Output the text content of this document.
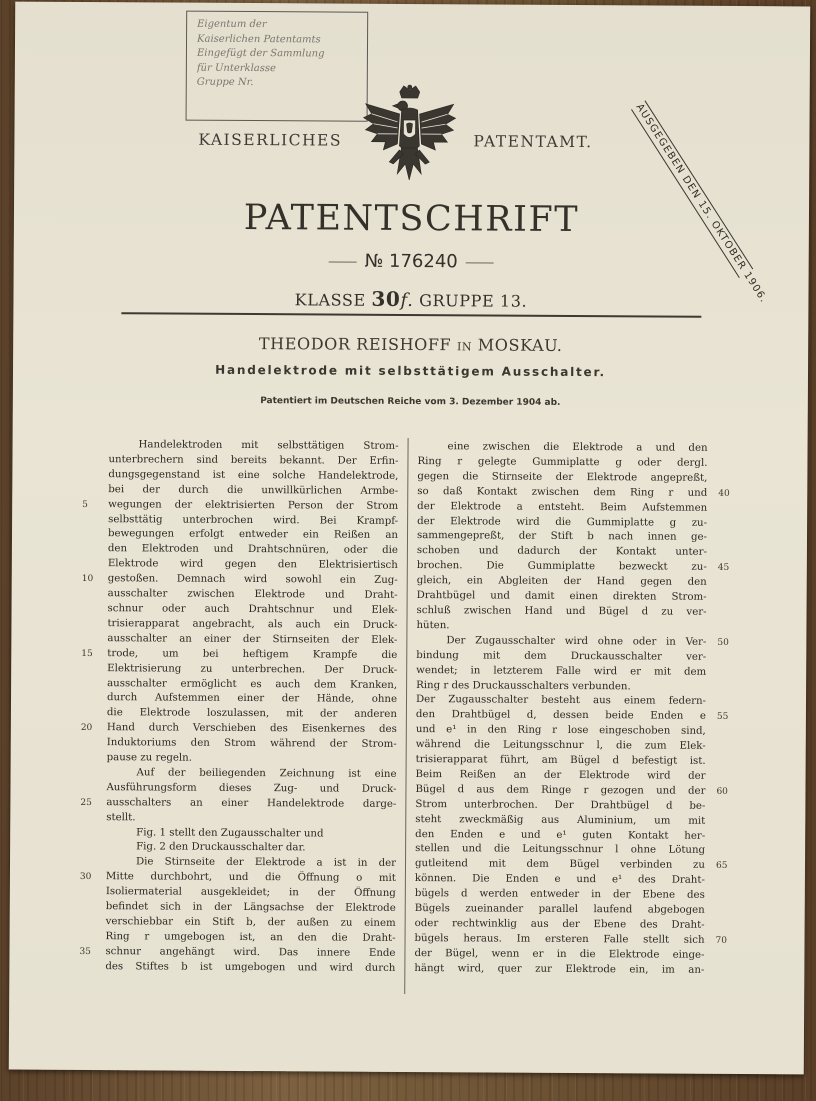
Eigentum der
Kaiserlichen Patentamts
Eingefügt der Sammlung
für Unterklasse
Gruppe Nr.
KAISERLICHES	PATENTAMT.	AUSGEGEBEN DEN 15. OKTOBER 1906.
PATENTSCHRIFT
№ 176240
KLASSE 30f. GRUPPE 13.
THEODOR REISHOFF IN MOSKAU.
Handelektrode mit selbsttätigem Ausschalter.
Patentiert im Deutschen Reiche vom 3. Dezember 1904 ab.
Handelektroden mit selbsttätigen Strom-
unterbrechern sind bereits bekannt. Der Erfin-
dungsgegenstand ist eine solche Handelektrode,
bei der durch die unwillkürlichen Armbe-
wegungen der elektrisierten Person der Strom
selbsttätig unterbrochen wird. Bei Krampf-
bewegungen erfolgt entweder ein Reißen an
den Elektroden und Drahtschnüren, oder die
Elektrode wird gegen den Elektrisiertisch
gestoßen. Demnach wird sowohl ein Zug-
ausschalter zwischen Elektrode und Draht-
schnur oder auch Drahtschnur und Elek-
trisierapparat angebracht, als auch ein Druck-
ausschalter an einer der Stirnseiten der Elek-
trode, um bei heftigem Krampfe die
Elektrisierung zu unterbrechen. Der Druck-
ausschalter ermöglicht es auch dem Kranken,
durch Aufstemmen einer der Hände, ohne
die Elektrode loszulassen, mit der anderen
Hand durch Verschieben des Eisenkernes des
Induktoriums den Strom während der Strom-
pause zu regeln.
Auf der beiliegenden Zeichnung ist eine
Ausführungsform dieses Zug- und Druck-
ausschalters an einer Handelektrode darge-
stellt.
Fig. 1 stellt den Zugausschalter und
Fig. 2 den Druckausschalter dar.
Die Stirnseite der Elektrode a ist in der
Mitte durchbohrt, und die Öffnung o mit
Isoliermaterial ausgekleidet; in der Öffnung
befindet sich in der Längsachse der Elektrode
verschiebbar ein Stift b, der außen zu einem
Ring r umgebogen ist, an den die Draht-
schnur angehängt wird. Das innere Ende
des Stiftes b ist umgebogen und wird durch
eine zwischen die Elektrode a und den
Ring r gelegte Gummiplatte g oder dergl.
gegen die Stirnseite der Elektrode angepreßt,
so daß Kontakt zwischen dem Ring r und
der Elektrode a entsteht. Beim Aufstemmen
der Elektrode wird die Gummiplatte g zu-
sammengepreßt, der Stift b nach innen ge-
schoben und dadurch der Kontakt unter-
brochen. Die Gummiplatte bezweckt zu-
gleich, ein Abgleiten der Hand gegen den
Drahtbügel und damit einen direkten Strom-
schluß zwischen Hand und Bügel d zu ver-
hüten.
Der Zugausschalter wird ohne oder in Ver-
bindung mit dem Druckausschalter ver-
wendet; in letzterem Falle wird er mit dem
Ring r des Druckausschalters verbunden.
Der Zugausschalter besteht aus einem federn-
den Drahtbügel d, dessen beide Enden e
und e¹ in den Ring r lose eingeschoben sind,
während die Leitungsschnur l, die zum Elek-
trisierapparat führt, am Bügel d befestigt ist.
Beim Reißen an der Elektrode wird der
Bügel d aus dem Ringe r gezogen und der
Strom unterbrochen. Der Drahtbügel d be-
steht zweckmäßig aus Aluminium, um mit
den Enden e und e¹ guten Kontakt her-
stellen und die Leitungsschnur l ohne Lötung
gutleitend mit dem Bügel verbinden zu
können. Die Enden e und e¹ des Draht-
bügels d werden entweder in der Ebene des
Bügels zueinander parallel laufend abgebogen
oder rechtwinklig aus der Ebene des Draht-
bügels heraus. Im ersteren Falle stellt sich
der Bügel, wenn er in die Elektrode einge-
hängt wird, quer zur Elektrode ein, im an-
5
10
15
20
25
30
35
40
45
50
55
60
65
70
